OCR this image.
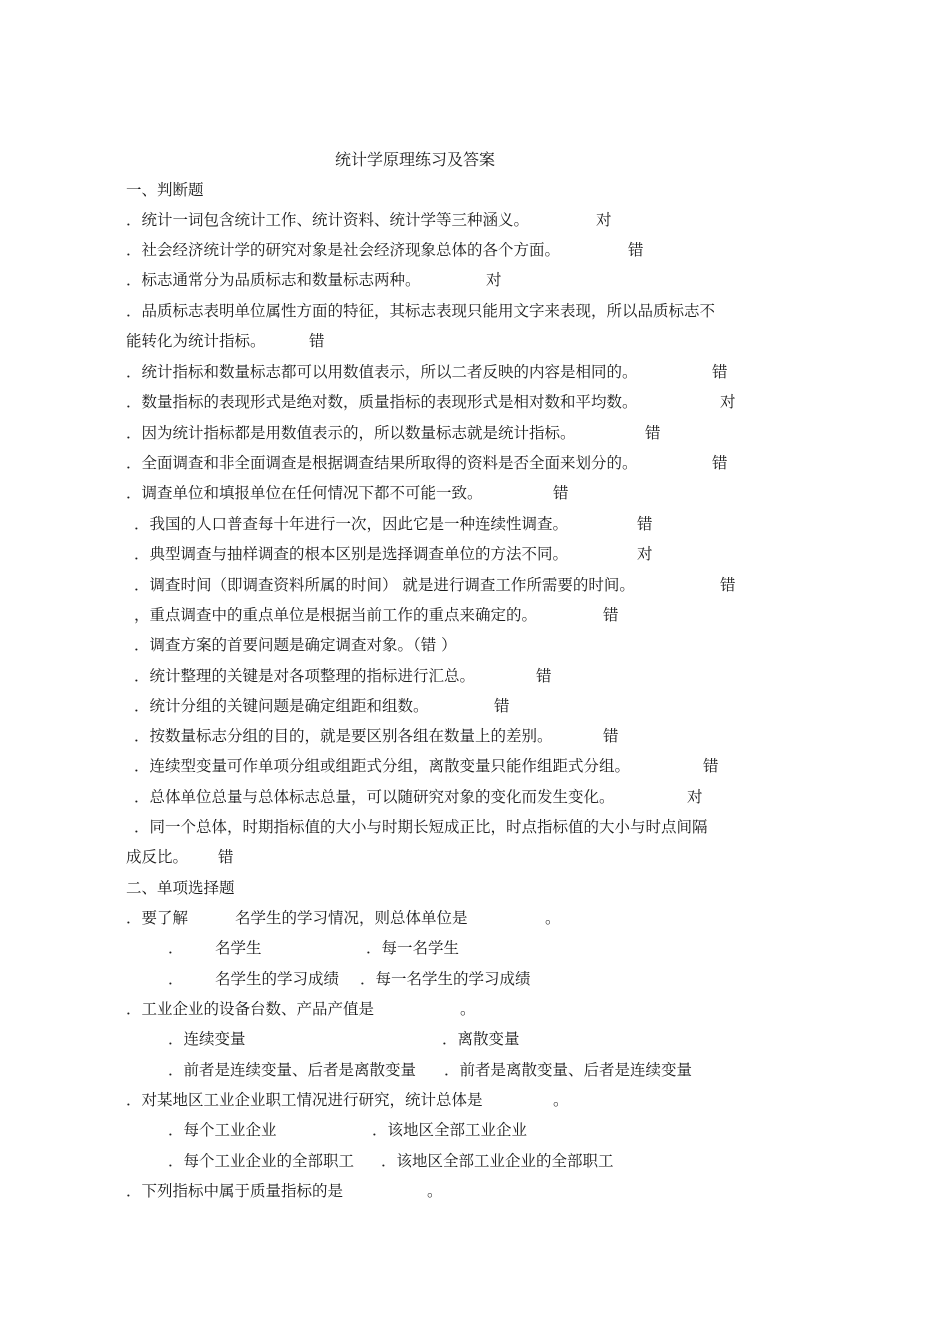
统计学原理练习及答案
一、判断题
．统计一词包含统计工作、统计资料、统计学等三种涵义。	对
．社会经济统计学的研究对象是社会经济现象总体的各个方面。	错
．标志通常分为品质标志和数量标志两种。	对
．品质标志表明单位属性方面的特征，其标志表现只能用文字来表现，所以品质标志不
能转化为统计指标。	错
．统计指标和数量标志都可以用数值表示，所以二者反映的内容是相同的。	错
．数量指标的表现形式是绝对数，质量指标的表现形式是相对数和平均数。	对
．因为统计指标都是用数值表示的，所以数量标志就是统计指标。	错
．全面调查和非全面调查是根据调查结果所取得的资料是否全面来划分的。	错
．调查单位和填报单位在任何情况下都不可能一致。	错
．我国的人口普查每十年进行一次，因此它是一种连续性调查。	错
．典型调查与抽样调查的根本区别是选择调查单位的方法不同。	对
．调查时间（即调查资料所属的时间） 就是进行调查工作所需要的时间。	错
，重点调查中的重点单位是根据当前工作的重点来确定的。	错
．调查方案的首要问题是确定调查对象。（错 ）
．统计整理的关键是对各项整理的指标进行汇总。	错
．统计分组的关键问题是确定组距和组数。	错
．按数量标志分组的目的，就是要区别各组在数量上的差别。	错
．连续型变量可作单项分组或组距式分组，离散变量只能作组距式分组。	错
．总体单位总量与总体标志总量，可以随研究对象的变化而发生变化。	对
．同一个总体，时期指标值的大小与时期长短成正比，时点指标值的大小与时点间隔
成反比。 错
二、单项选择题
．要了解	名学生的学习情况，则总体单位是	。
． 名学生	．每一名学生
． 名学生的学习成绩 ．每一名学生的学习成绩
．工业企业的设备台数、产品产值是	。
．连续变量	．离散变量
．前者是连续变量、后者是离散变量 ．前者是离散变量、后者是连续变量
．对某地区工业企业职工情况进行研究，统计总体是	。
．每个工业企业	．该地区全部工业企业
．每个工业企业的全部职工 ．该地区全部工业企业的全部职工
．下列指标中属于质量指标的是	。
